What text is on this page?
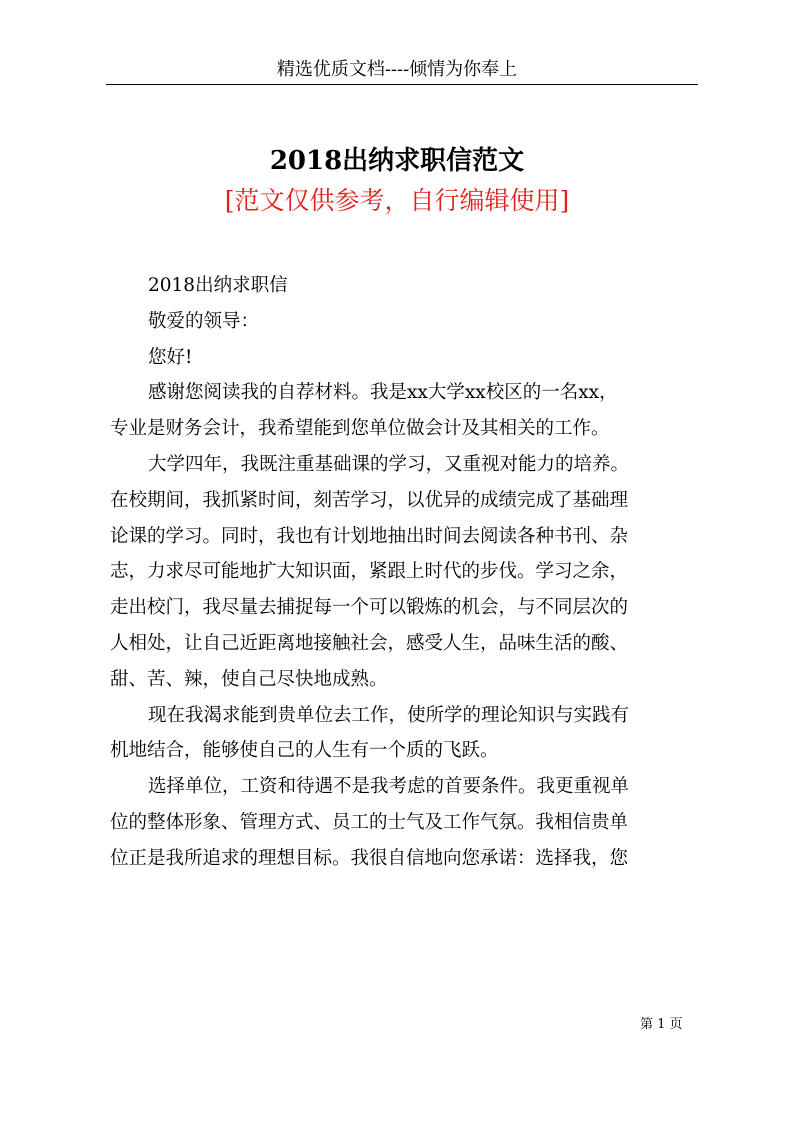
精选优质文档----倾情为你奉上
2018出纳求职信范文
[范文仅供参考，自行编辑使用]

2018出纳求职信

敬爱的领导：

您好!

感谢您阅读我的自荐材料。我是xx大学xx校区的一名xx，

专业是财务会计，我希望能到您单位做会计及其相关的工作。

大学四年，我既注重基础课的学习，又重视对能力的培养。

在校期间，我抓紧时间，刻苦学习，以优异的成绩完成了基础理

论课的学习。同时，我也有计划地抽出时间去阅读各种书刊、杂

志，力求尽可能地扩大知识面，紧跟上时代的步伐。学习之余，

走出校门，我尽量去捕捉每一个可以锻炼的机会，与不同层次的

人相处，让自己近距离地接触社会，感受人生，品味生活的酸、

甜、苦、辣，使自己尽快地成熟。

现在我渴求能到贵单位去工作，使所学的理论知识与实践有

机地结合，能够使自己的人生有一个质的飞跃。

选择单位，工资和待遇不是我考虑的首要条件。我更重视单

位的整体形象、管理方式、员工的士气及工作气氛。我相信贵单

位正是我所追求的理想目标。我很自信地向您承诺：选择我，您

第 1 页
